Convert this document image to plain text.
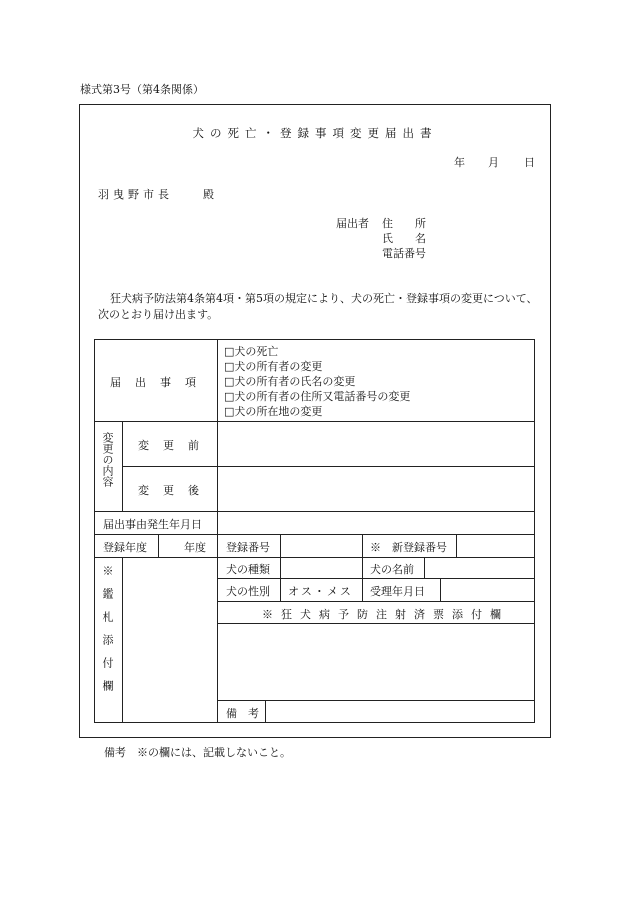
様式第3号（第4条関係）
犬の死亡・登録事項変更届出書
年 月 日
羽曳野市長　　殿
届出者 住　　所
氏　　名
電話番号
狂犬病予防法第4条第4項・第5項の規定により、犬の死亡・登録事項の変更について、次のとおり届け出ます。
届出事項
□犬の死亡
□犬の所有者の変更
□犬の所有者の氏名の変更
□犬の所有者の住所又電話番号の変更
□犬の所在地の変更
変更の内容 変更前
変更後
届出事由発生年月日
登録年度	年度 登録番号	※　新登録番号
※鑑札添付欄	犬の種類	犬の名前
犬の性別 オス・メス 受理年月日
※狂犬病予防注射済票添付欄
備　考
備考　※の欄には、記載しないこと。
